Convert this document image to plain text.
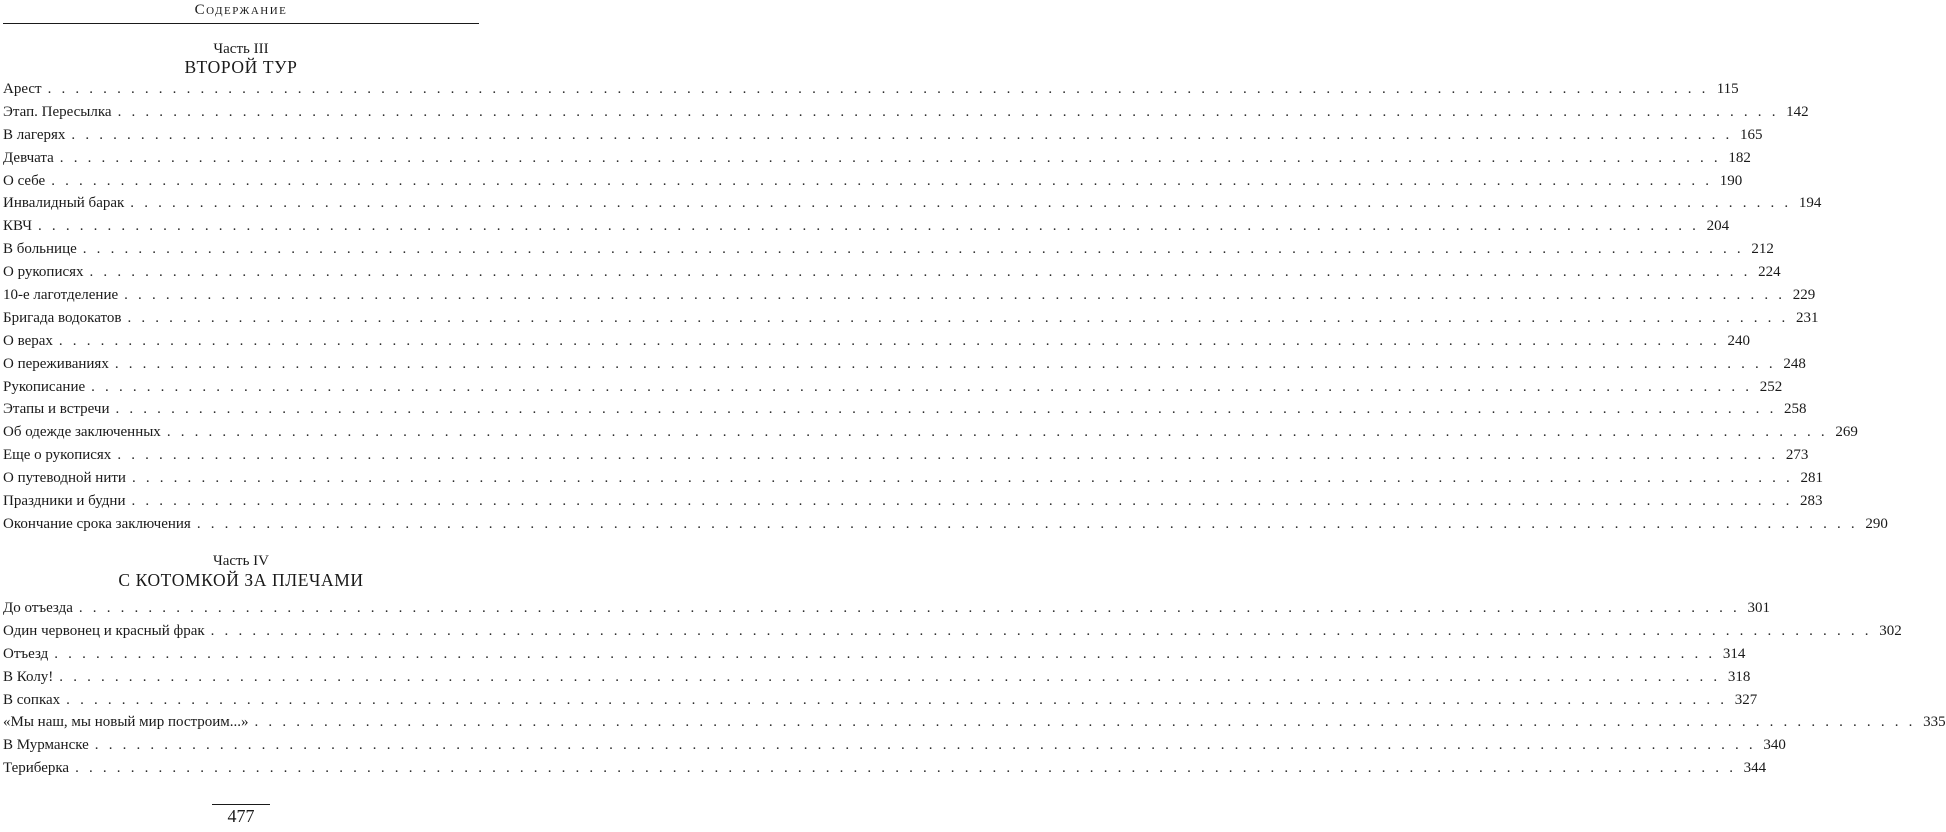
Содержание
Часть III
ВТОРОЙ ТУР
Арест . . . . . . . . . . . . . . . . . . . . . . . . . . . . . . . . . . . . . . . . . . . . . . . . . . . . . . . . . . . . . . . . . . . . . . . . . . . . . . . . . . . . . . . . . . . . . . . . . . . . . . . . . . . . . . . . . . . . . . . . 115
Этап. Пересылка . . . . . . . . . . . . . . . . . . . . . . . . . . . . . . . . . . . . . . . . . . . . . . . . . . . . . . . . . . . . . . . . . . . . . . . . . . . . . . . . . . . . . . . . . . . . . . . . . . . . . . . . . . . . . . . . . . . . . . . . 142
В лагерях . . . . . . . . . . . . . . . . . . . . . . . . . . . . . . . . . . . . . . . . . . . . . . . . . . . . . . . . . . . . . . . . . . . . . . . . . . . . . . . . . . . . . . . . . . . . . . . . . . . . . . . . . . . . . . . . . . . . . . . . 165
Девчата . . . . . . . . . . . . . . . . . . . . . . . . . . . . . . . . . . . . . . . . . . . . . . . . . . . . . . . . . . . . . . . . . . . . . . . . . . . . . . . . . . . . . . . . . . . . . . . . . . . . . . . . . . . . . . . . . . . . . . . . 182
О себе . . . . . . . . . . . . . . . . . . . . . . . . . . . . . . . . . . . . . . . . . . . . . . . . . . . . . . . . . . . . . . . . . . . . . . . . . . . . . . . . . . . . . . . . . . . . . . . . . . . . . . . . . . . . . . . . . . . . . . . . 190
Инвалидный барак . . . . . . . . . . . . . . . . . . . . . . . . . . . . . . . . . . . . . . . . . . . . . . . . . . . . . . . . . . . . . . . . . . . . . . . . . . . . . . . . . . . . . . . . . . . . . . . . . . . . . . . . . . . . . . . . . . . . . . . . 194
КВЧ . . . . . . . . . . . . . . . . . . . . . . . . . . . . . . . . . . . . . . . . . . . . . . . . . . . . . . . . . . . . . . . . . . . . . . . . . . . . . . . . . . . . . . . . . . . . . . . . . . . . . . . . . . . . . . . . . . . . . . . . 204
В больнице . . . . . . . . . . . . . . . . . . . . . . . . . . . . . . . . . . . . . . . . . . . . . . . . . . . . . . . . . . . . . . . . . . . . . . . . . . . . . . . . . . . . . . . . . . . . . . . . . . . . . . . . . . . . . . . . . . . . . . . . 212
О рукописях . . . . . . . . . . . . . . . . . . . . . . . . . . . . . . . . . . . . . . . . . . . . . . . . . . . . . . . . . . . . . . . . . . . . . . . . . . . . . . . . . . . . . . . . . . . . . . . . . . . . . . . . . . . . . . . . . . . . . . . . 224
10-е лаготделение . . . . . . . . . . . . . . . . . . . . . . . . . . . . . . . . . . . . . . . . . . . . . . . . . . . . . . . . . . . . . . . . . . . . . . . . . . . . . . . . . . . . . . . . . . . . . . . . . . . . . . . . . . . . . . . . . . . . . . . . 229
Бригада водокатов . . . . . . . . . . . . . . . . . . . . . . . . . . . . . . . . . . . . . . . . . . . . . . . . . . . . . . . . . . . . . . . . . . . . . . . . . . . . . . . . . . . . . . . . . . . . . . . . . . . . . . . . . . . . . . . . . . . . . . . . 231
О верах . . . . . . . . . . . . . . . . . . . . . . . . . . . . . . . . . . . . . . . . . . . . . . . . . . . . . . . . . . . . . . . . . . . . . . . . . . . . . . . . . . . . . . . . . . . . . . . . . . . . . . . . . . . . . . . . . . . . . . . . 240
О переживаниях . . . . . . . . . . . . . . . . . . . . . . . . . . . . . . . . . . . . . . . . . . . . . . . . . . . . . . . . . . . . . . . . . . . . . . . . . . . . . . . . . . . . . . . . . . . . . . . . . . . . . . . . . . . . . . . . . . . . . . . . 248
Рукописание . . . . . . . . . . . . . . . . . . . . . . . . . . . . . . . . . . . . . . . . . . . . . . . . . . . . . . . . . . . . . . . . . . . . . . . . . . . . . . . . . . . . . . . . . . . . . . . . . . . . . . . . . . . . . . . . . . . . . . . . 252
Этапы и встречи . . . . . . . . . . . . . . . . . . . . . . . . . . . . . . . . . . . . . . . . . . . . . . . . . . . . . . . . . . . . . . . . . . . . . . . . . . . . . . . . . . . . . . . . . . . . . . . . . . . . . . . . . . . . . . . . . . . . . . . . 258
Об одежде заключенных . . . . . . . . . . . . . . . . . . . . . . . . . . . . . . . . . . . . . . . . . . . . . . . . . . . . . . . . . . . . . . . . . . . . . . . . . . . . . . . . . . . . . . . . . . . . . . . . . . . . . . . . . . . . . . . . . . . . . . . . 269
Еще о рукописях . . . . . . . . . . . . . . . . . . . . . . . . . . . . . . . . . . . . . . . . . . . . . . . . . . . . . . . . . . . . . . . . . . . . . . . . . . . . . . . . . . . . . . . . . . . . . . . . . . . . . . . . . . . . . . . . . . . . . . . . 273
О путеводной нити . . . . . . . . . . . . . . . . . . . . . . . . . . . . . . . . . . . . . . . . . . . . . . . . . . . . . . . . . . . . . . . . . . . . . . . . . . . . . . . . . . . . . . . . . . . . . . . . . . . . . . . . . . . . . . . . . . . . . . . . 281
Праздники и будни . . . . . . . . . . . . . . . . . . . . . . . . . . . . . . . . . . . . . . . . . . . . . . . . . . . . . . . . . . . . . . . . . . . . . . . . . . . . . . . . . . . . . . . . . . . . . . . . . . . . . . . . . . . . . . . . . . . . . . . . 283
Окончание срока заключения . . . . . . . . . . . . . . . . . . . . . . . . . . . . . . . . . . . . . . . . . . . . . . . . . . . . . . . . . . . . . . . . . . . . . . . . . . . . . . . . . . . . . . . . . . . . . . . . . . . . . . . . . . . . . . . . . . . . . . . . 290
Часть IV
С КОТОМКОЙ ЗА ПЛЕЧАМИ
До отъезда . . . . . . . . . . . . . . . . . . . . . . . . . . . . . . . . . . . . . . . . . . . . . . . . . . . . . . . . . . . . . . . . . . . . . . . . . . . . . . . . . . . . . . . . . . . . . . . . . . . . . . . . . . . . . . . . . . . . . . . . 301
Один червонец и красный фрак . . . . . . . . . . . . . . . . . . . . . . . . . . . . . . . . . . . . . . . . . . . . . . . . . . . . . . . . . . . . . . . . . . . . . . . . . . . . . . . . . . . . . . . . . . . . . . . . . . . . . . . . . . . . . . . . . . . . . . . . 302
Отъезд . . . . . . . . . . . . . . . . . . . . . . . . . . . . . . . . . . . . . . . . . . . . . . . . . . . . . . . . . . . . . . . . . . . . . . . . . . . . . . . . . . . . . . . . . . . . . . . . . . . . . . . . . . . . . . . . . . . . . . . . 314
В Колу! . . . . . . . . . . . . . . . . . . . . . . . . . . . . . . . . . . . . . . . . . . . . . . . . . . . . . . . . . . . . . . . . . . . . . . . . . . . . . . . . . . . . . . . . . . . . . . . . . . . . . . . . . . . . . . . . . . . . . . . . 318
В сопках . . . . . . . . . . . . . . . . . . . . . . . . . . . . . . . . . . . . . . . . . . . . . . . . . . . . . . . . . . . . . . . . . . . . . . . . . . . . . . . . . . . . . . . . . . . . . . . . . . . . . . . . . . . . . . . . . . . . . . . . 327
«Мы наш, мы новый мир построим...» . . . . . . . . . . . . . . . . . . . . . . . . . . . . . . . . . . . . . . . . . . . . . . . . . . . . . . . . . . . . . . . . . . . . . . . . . . . . . . . . . . . . . . . . . . . . . . . . . . . . . . . . . . . . . . . . . . . . . . . . 335
В Мурманске . . . . . . . . . . . . . . . . . . . . . . . . . . . . . . . . . . . . . . . . . . . . . . . . . . . . . . . . . . . . . . . . . . . . . . . . . . . . . . . . . . . . . . . . . . . . . . . . . . . . . . . . . . . . . . . . . . . . . . . . 340
Териберка . . . . . . . . . . . . . . . . . . . . . . . . . . . . . . . . . . . . . . . . . . . . . . . . . . . . . . . . . . . . . . . . . . . . . . . . . . . . . . . . . . . . . . . . . . . . . . . . . . . . . . . . . . . . . . . . . . . . . . . . 344
477
